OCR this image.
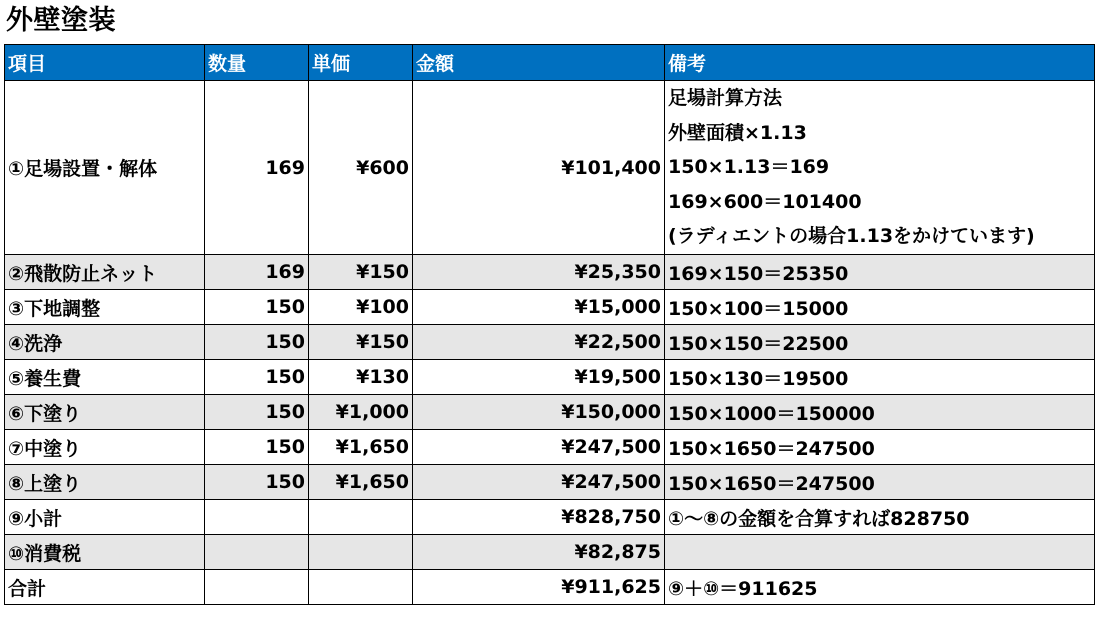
外壁塗装
項目	数量	単価	金額	備考
①足場設置・解体	169	¥600	¥101,400	足場計算方法
外壁面積×1.13
150×1.13＝169
169×600＝101400
(ラディエントの場合1.13をかけています)

②飛散防止ネット	169	¥150	¥25,350	169×150＝25350
③下地調整	150	¥100	¥15,000	150×100＝15000
④洗浄	150	¥150	¥22,500	150×150＝22500
⑤養生費	150	¥130	¥19,500	150×130＝19500
⑥下塗り	150	¥1,000	¥150,000	150×1000＝150000
⑦中塗り	150	¥1,650	¥247,500	150×1650＝247500
⑧上塗り	150	¥1,650	¥247,500	150×1650＝247500
⑨小計			¥828,750	①～⑧の金額を合算すれば828750
⑩消費税			¥82,875	
合計			¥911,625	⑨＋⑩＝911625
